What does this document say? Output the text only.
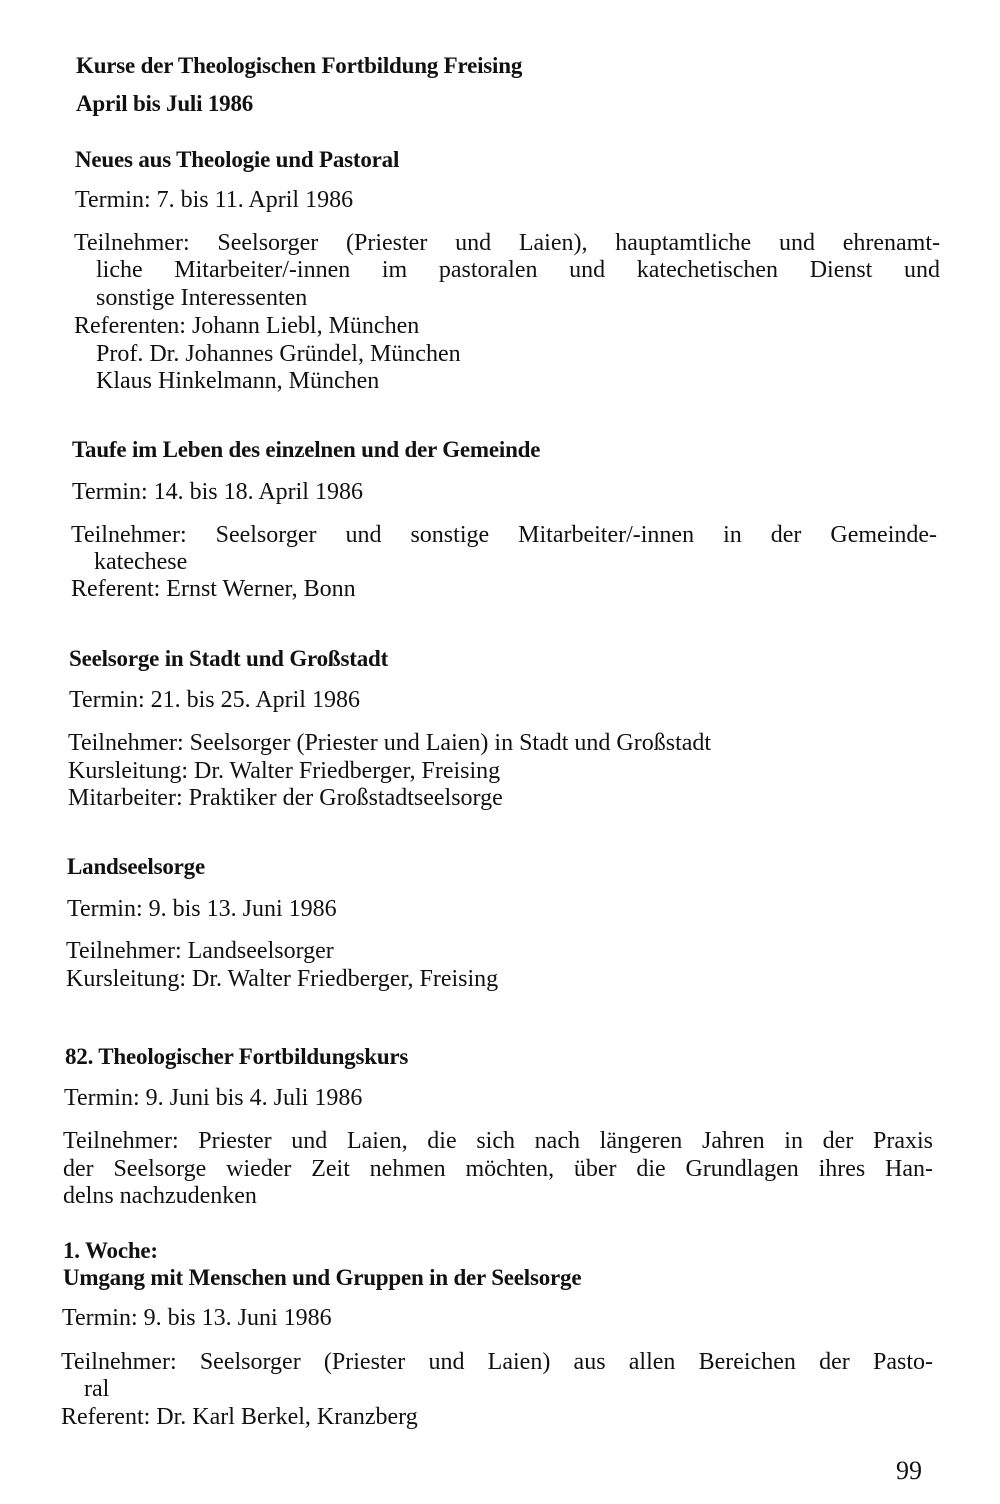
Kurse der Theologischen Fortbildung Freising
April bis Juli 1986
Neues aus Theologie und Pastoral
Termin: 7. bis 11. April 1986
Teilnehmer: Seelsorger (Priester und Laien), hauptamtliche und ehrenamt-
liche Mitarbeiter/-innen im pastoralen und katechetischen Dienst und
sonstige Interessenten
Referenten: Johann Liebl, München
Prof. Dr. Johannes Gründel, München
Klaus Hinkelmann, München
Taufe im Leben des einzelnen und der Gemeinde
Termin: 14. bis 18. April 1986
Teilnehmer: Seelsorger und sonstige Mitarbeiter/-innen in der Gemeinde-
katechese
Referent: Ernst Werner, Bonn
Seelsorge in Stadt und Großstadt
Termin: 21. bis 25. April 1986
Teilnehmer: Seelsorger (Priester und Laien) in Stadt und Großstadt
Kursleitung: Dr. Walter Friedberger, Freising
Mitarbeiter: Praktiker der Großstadtseelsorge
Landseelsorge
Termin: 9. bis 13. Juni 1986
Teilnehmer: Landseelsorger
Kursleitung: Dr. Walter Friedberger, Freising
82. Theologischer Fortbildungskurs
Termin: 9. Juni bis 4. Juli 1986
Teilnehmer: Priester und Laien, die sich nach längeren Jahren in der Praxis
der Seelsorge wieder Zeit nehmen möchten, über die Grundlagen ihres Han-
delns nachzudenken
1. Woche:
Umgang mit Menschen und Gruppen in der Seelsorge
Termin: 9. bis 13. Juni 1986
Teilnehmer: Seelsorger (Priester und Laien) aus allen Bereichen der Pasto-
ral
Referent: Dr. Karl Berkel, Kranzberg
99
